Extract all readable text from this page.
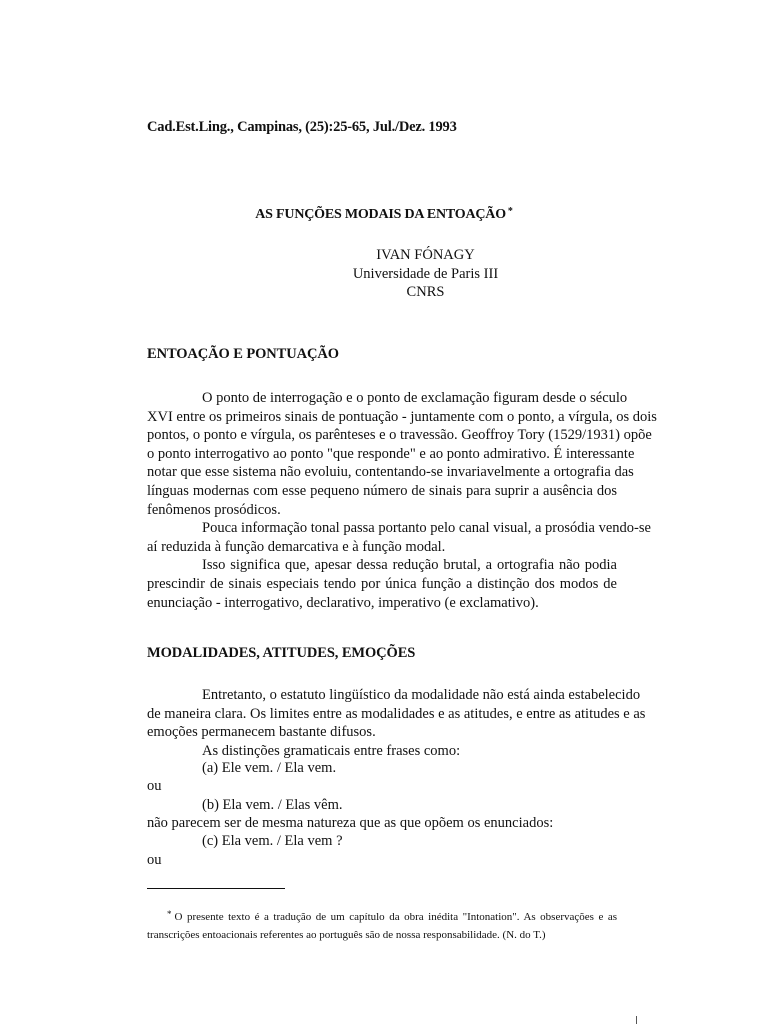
Cad.Est.Ling., Campinas, (25):25-65, Jul./Dez. 1993
AS FUNÇÕES MODAIS DA ENTOAÇÃO *
IVAN FÓNAGY
Universidade de Paris III
CNRS
ENTOAÇÃO E PONTUAÇÃO
O ponto de interrogação e o ponto de exclamação figuram desde o século
XVI entre os primeiros sinais de pontuação - juntamente com o ponto, a vírgula, os dois
pontos, o ponto e vírgula, os parênteses e o travessão. Geoffroy Tory (1529/1931) opõe
o ponto interrogativo ao ponto "que responde" e ao ponto admirativo. É interessante
notar que esse sistema não evoluiu, contentando-se invariavelmente a ortografia das
línguas modernas com esse pequeno número de sinais para suprir a ausência dos
fenômenos prosódicos.
Pouca informação tonal passa portanto pelo canal visual, a prosódia vendo-se
aí reduzida à função demarcativa e à função modal.
Isso significa que, apesar dessa redução brutal, a ortografia não podia
prescindir de sinais especiais tendo por única função a distinção dos modos de
enunciação - interrogativo, declarativo, imperativo (e exclamativo).
MODALIDADES, ATITUDES, EMOÇÕES
Entretanto, o estatuto lingüístico da modalidade não está ainda estabelecido
de maneira clara. Os limites entre as modalidades e as atitudes, e entre as atitudes e as
emoções permanecem bastante difusos.
As distinções gramaticais entre frases como:
(a) Ele vem. / Ela vem.
ou
(b) Ela vem. / Elas vêm.
não parecem ser de mesma natureza que as que opõem os enunciados:
(c) Ela vem. / Ela vem ?
ou
* O presente texto é a tradução de um capítulo da obra inédita "Intonation". As observações e as
transcrições entoacionais referentes ao português são de nossa responsabilidade. (N. do T.)
